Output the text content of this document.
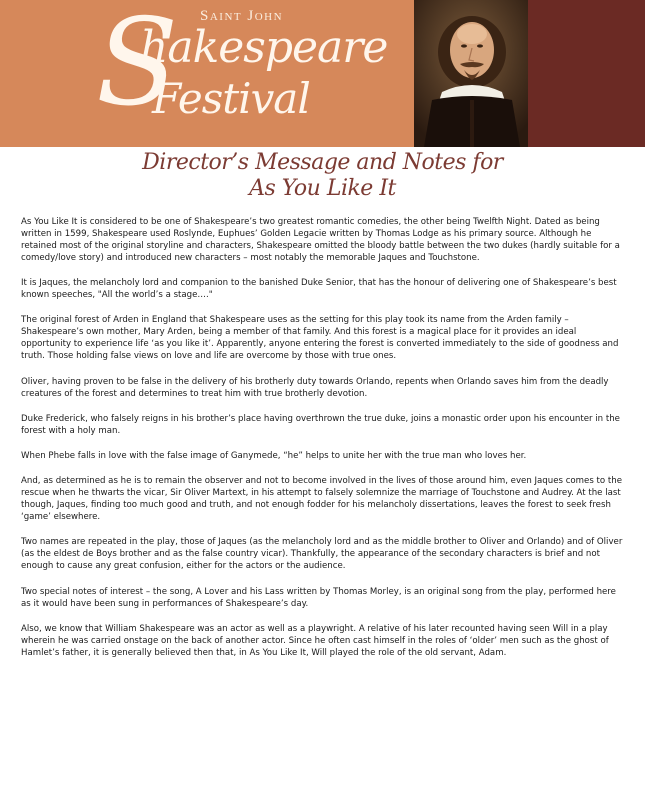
Saint John
S
hakespeare
Festival
Director’s Message and Notes for
As You Like It

As You Like It is considered to be one of Shakespeare’s two greatest romantic comedies, the other being Twelfth Night. Dated as being written in 1599, Shakespeare used Roslynde, Euphues’ Golden Legacie written by Thomas Lodge as his primary source. Although he retained most of the original storyline and characters, Shakespeare omitted the bloody battle between the two dukes (hardly suitable for a comedy/love story) and introduced new characters – most notably the memorable Jaques and Touchstone.

It is Jaques, the melancholy lord and companion to the banished Duke Senior, that has the honour of delivering one of Shakespeare’s best known speeches, "All the world’s a stage…."

The original forest of Arden in England that Shakespeare uses as the setting for this play took its name from the Arden family – Shakespeare’s own mother, Mary Arden, being a member of that family. And this forest is a magical place for it provides an ideal opportunity to experience life ‘as you like it’. Apparently, anyone entering the forest is converted immediately to the side of goodness and truth. Those holding false views on love and life are overcome by those with true ones.

Oliver, having proven to be false in the delivery of his brotherly duty towards Orlando, repents when Orlando saves him from the deadly creatures of the forest and determines to treat him with true brotherly devotion.

Duke Frederick, who falsely reigns in his brother’s place having overthrown the true duke, joins a monastic order upon his encounter in the forest with a holy man.

When Phebe falls in love with the false image of Ganymede, “he” helps to unite her with the true man who loves her.

And, as determined as he is to remain the observer and not to become involved in the lives of those around him, even Jaques comes to the rescue when he thwarts the vicar, Sir Oliver Martext, in his attempt to falsely solemnize the marriage of Touchstone and Audrey. At the last though, Jaques, finding too much good and truth, and not enough fodder for his melancholy dissertations, leaves the forest to seek fresh ‘game’ elsewhere.

Two names are repeated in the play, those of Jaques (as the melancholy lord and as the middle brother to Oliver and Orlando) and of Oliver (as the eldest de Boys brother and as the false country vicar). Thankfully, the appearance of the secondary characters is brief and not enough to cause any great confusion, either for the actors or the audience.

Two special notes of interest – the song, A Lover and his Lass written by Thomas Morley, is an original song from the play, performed here as it would have been sung in performances of Shakespeare’s day.

Also, we know that William Shakespeare was an actor as well as a playwright. A relative of his later recounted having seen Will in a play wherein he was carried onstage on the back of another actor. Since he often cast himself in the roles of ‘older’ men such as the ghost of Hamlet’s father, it is generally believed then that, in As You Like It, Will played the role of the old servant, Adam.
